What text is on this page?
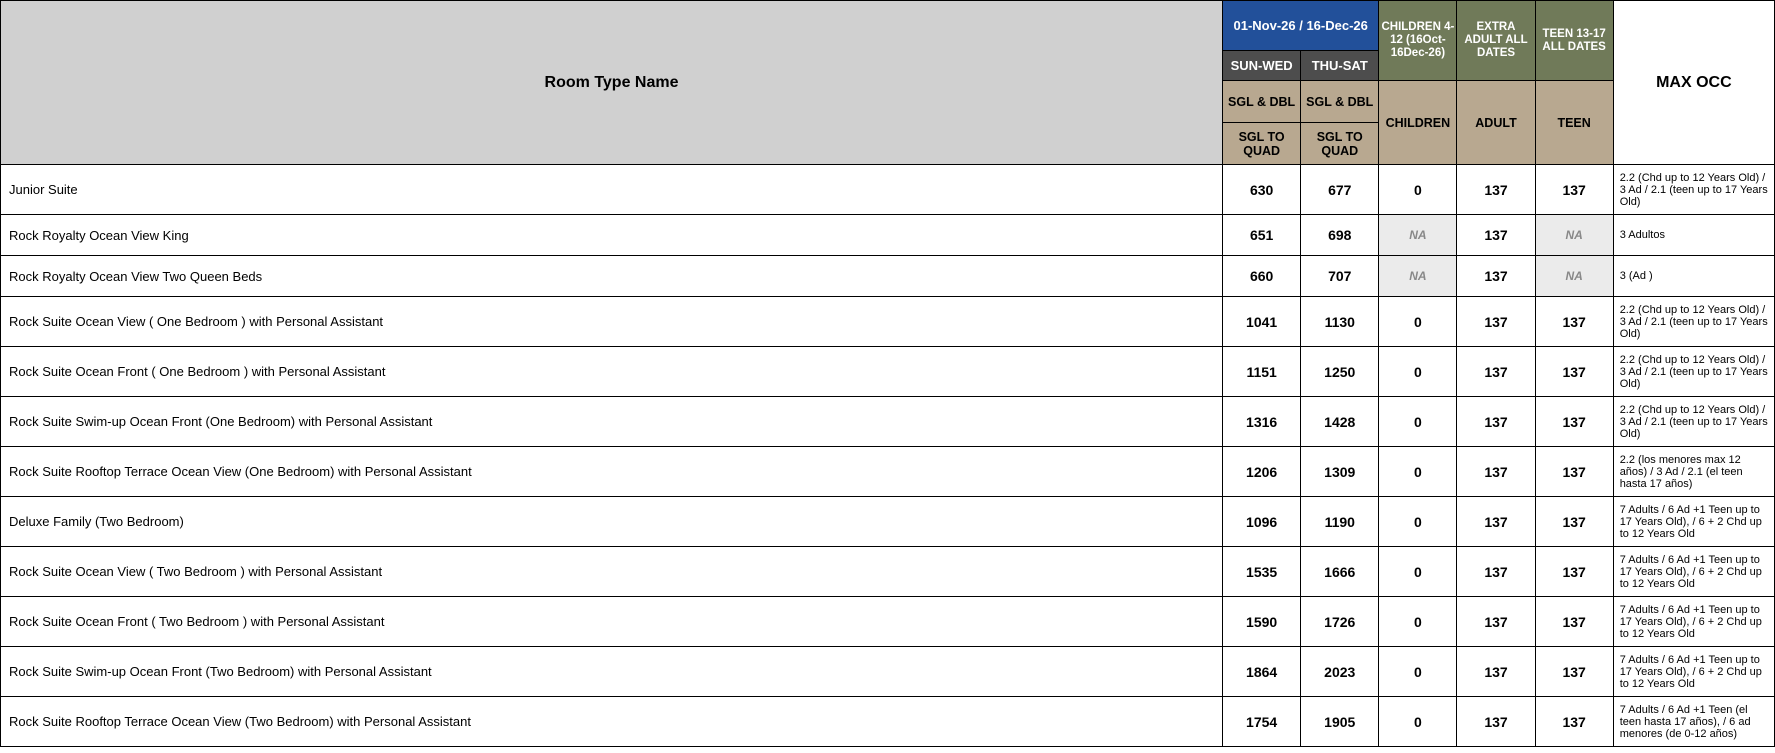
Room Type Name	01-Nov-26 / 16-Dec-26		CHILDREN 4-12 (16Oct-16Dec-26)	EXTRA ADULT ALL DATES	TEEN 13-17 ALL DATES	MAX OCC
	SUN-WED	THU-SAT				
	SGL & DBL	SGL & DBL	CHILDREN	ADULT	TEEN	
	SGL TO QUAD	SGL TO QUAD				
Junior Suite	630	677	0	137	137	2.2 (Chd up to 12 Years Old) / 3 Ad / 2.1 (teen up to 17 Years Old)
Rock Royalty Ocean View King	651	698	NA	137	NA	3 Adultos
Rock Royalty Ocean View Two Queen Beds	660	707	NA	137	NA	3 (Ad )
Rock Suite Ocean View ( One Bedroom ) with Personal Assistant	1041	1130	0	137	137	2.2 (Chd up to 12 Years Old) / 3 Ad / 2.1 (teen up to 17 Years Old)
Rock Suite Ocean Front ( One Bedroom ) with Personal Assistant	1151	1250	0	137	137	2.2 (Chd up to 12 Years Old) / 3 Ad / 2.1 (teen up to 17 Years Old)
Rock Suite Swim-up Ocean Front (One Bedroom) with Personal Assistant	1316	1428	0	137	137	2.2 (Chd up to 12 Years Old) / 3 Ad / 2.1 (teen up to 17 Years Old)
Rock Suite Rooftop Terrace Ocean View (One Bedroom) with Personal Assistant	1206	1309	0	137	137	2.2 (los menores max 12 años) / 3 Ad / 2.1 (el teen hasta 17 años)
Deluxe Family (Two Bedroom)	1096	1190	0	137	137	7 Adults / 6 Ad +1 Teen up to 17 Years Old), / 6 + 2 Chd up to 12 Years Old
Rock Suite Ocean View ( Two Bedroom ) with Personal Assistant	1535	1666	0	137	137	7 Adults / 6 Ad +1 Teen up to 17 Years Old), / 6 + 2 Chd up to 12 Years Old
Rock Suite Ocean Front ( Two Bedroom ) with Personal Assistant	1590	1726	0	137	137	7 Adults / 6 Ad +1 Teen up to 17 Years Old), / 6 + 2 Chd up to 12 Years Old
Rock Suite Swim-up Ocean Front (Two Bedroom) with Personal Assistant	1864	2023	0	137	137	7 Adults / 6 Ad +1 Teen up to 17 Years Old), / 6 + 2 Chd up to 12 Years Old
Rock Suite Rooftop Terrace Ocean View (Two Bedroom) with Personal Assistant	1754	1905	0	137	137	7 Adults / 6 Ad +1 Teen (el teen hasta 17 años), / 6 ad menores (de 0-12 años)
